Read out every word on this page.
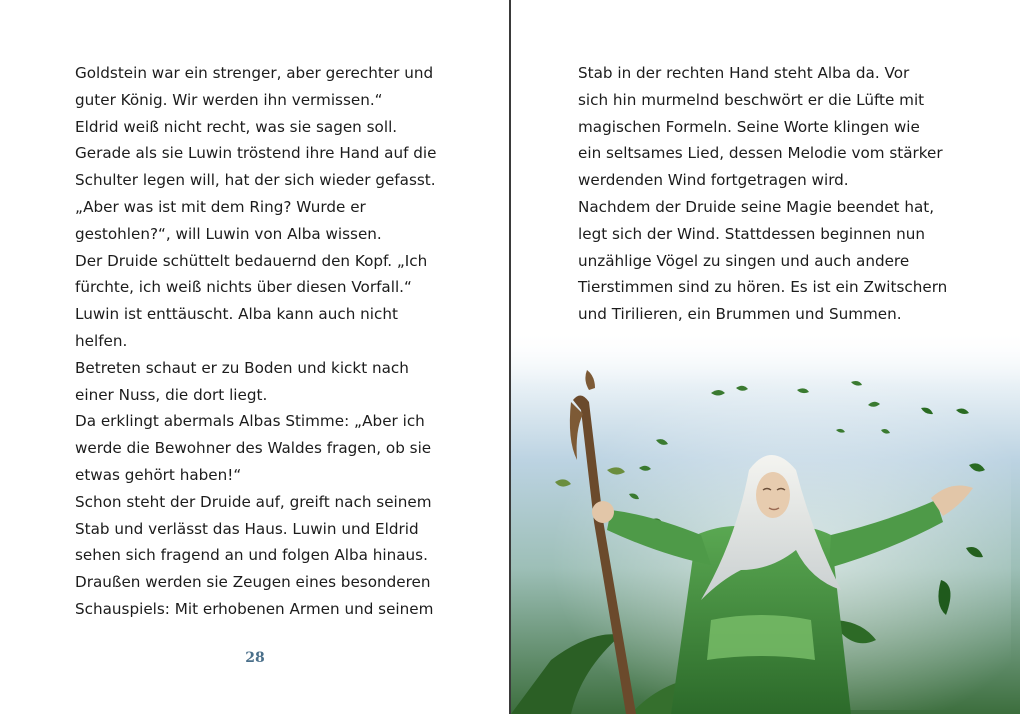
Goldstein war ein strenger, aber gerechter und
guter König. Wir werden ihn vermissen.“
Eldrid weiß nicht recht, was sie sagen soll.
Gerade als sie Luwin tröstend ihre Hand auf die
Schulter legen will, hat der sich wieder gefasst.
„Aber was ist mit dem Ring? Wurde er
gestohlen?“, will Luwin von Alba wissen.
Der Druide schüttelt bedauernd den Kopf. „Ich
fürchte, ich weiß nichts über diesen Vorfall.“
Luwin ist enttäuscht. Alba kann auch nicht
helfen.
Betreten schaut er zu Boden und kickt nach
einer Nuss, die dort liegt.
Da erklingt abermals Albas Stimme: „Aber ich
werde die Bewohner des Waldes fragen, ob sie
etwas gehört haben!“
Schon steht der Druide auf, greift nach seinem
Stab und verlässt das Haus. Luwin und Eldrid
sehen sich fragend an und folgen Alba hinaus.
Draußen werden sie Zeugen eines besonderen
Schauspiels: Mit erhobenen Armen und seinem
28
Stab in der rechten Hand steht Alba da. Vor
sich hin murmelnd beschwört er die Lüfte mit
magischen Formeln. Seine Worte klingen wie
ein seltsames Lied, dessen Melodie vom stärker
werdenden Wind fortgetragen wird.
Nachdem der Druide seine Magie beendet hat,
legt sich der Wind. Stattdessen beginnen nun
unzählige Vögel zu singen und auch andere
Tierstimmen sind zu hören. Es ist ein Zwitschern
und Tirilieren, ein Brummen und Summen.
